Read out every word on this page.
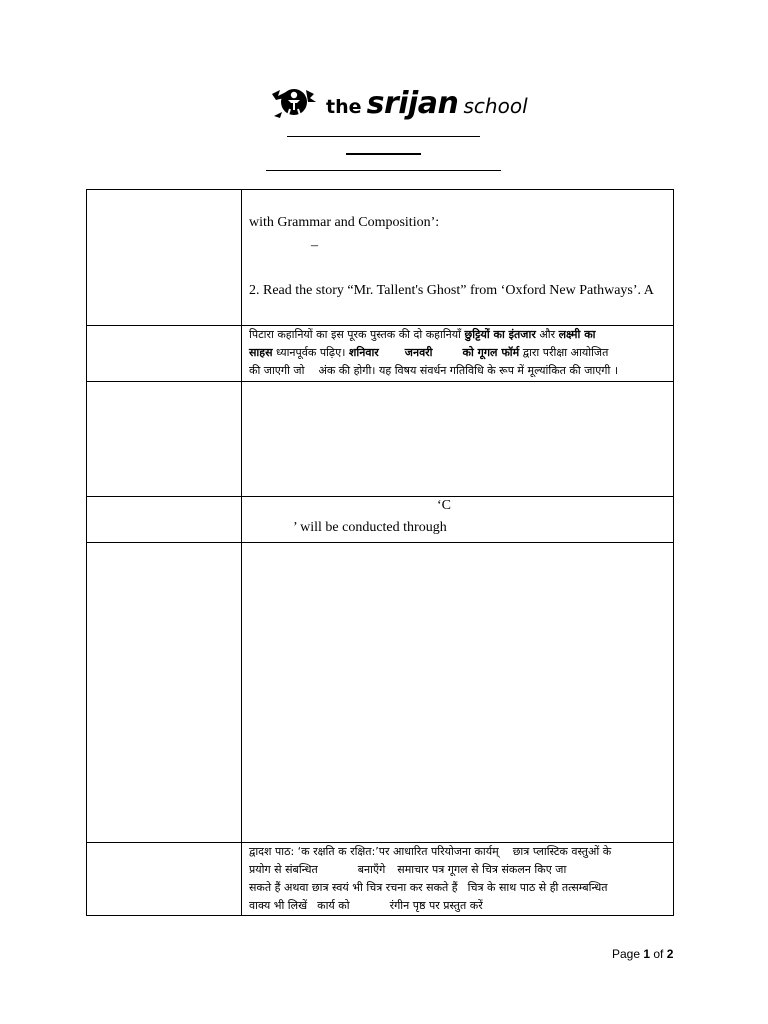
the srijan school

	with Grammar and Composition’:
–
2. Read the story “Mr. Tallent's Ghost” from ‘Oxford New Pathways’. A

	पिटारा कहानियों का इस पूरक पुस्तक की दो कहानियाँ छुट्टियों का इंतजार और लक्ष्मी का
साहस ध्यानपूर्वक पढ़िए। शनिवार जनवरी को गूगल फॉर्म द्वारा परीक्षा आयोजित
की जाएगी जो अंक की होगी। यह विषय संवर्धन गतिविधि के रूप में मूल्यांकित की जाएगी ।

	‘C
’ will be conducted through

	द्वादश पाठ: ‘क रक्षति क रक्षित:’पर आधारित परियोजना कार्यम् छात्र प्लास्टिक वस्तुओं के
प्रयोग से संबन्धित बनाएँगे समाचार पत्र गूगल से चित्र संकलन किए जा
सकते हैं अथवा छात्र स्वयं भी चित्र रचना कर सकते हैं चित्र के साथ पाठ से ही तत्सम्बन्धित
वाक्य भी लिखें कार्य को रंगीन पृष्ठ पर प्रस्तुत करें
Page 1 of 2
